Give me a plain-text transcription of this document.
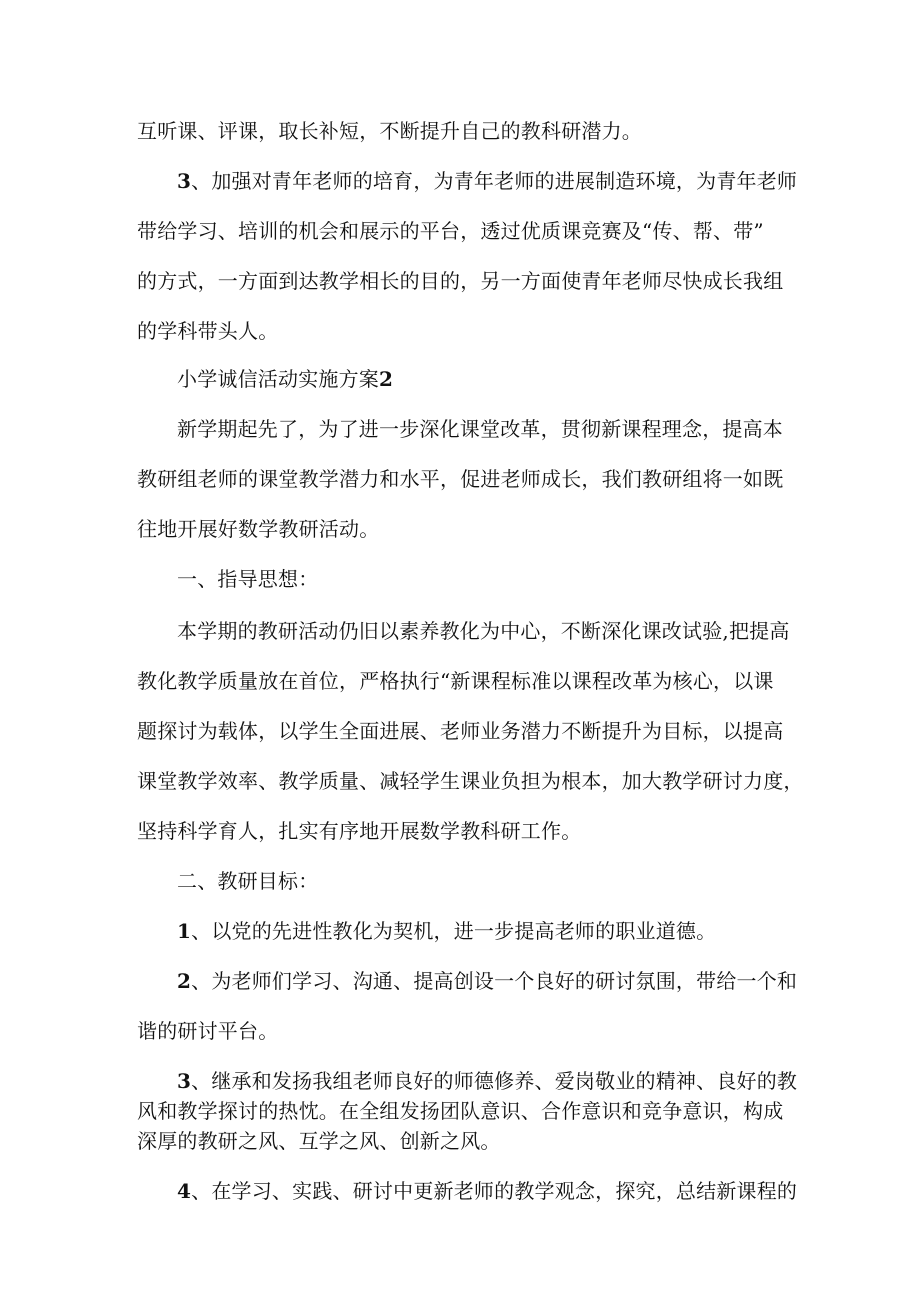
互听课、评课，取长补短，不断提升自己的教科研潜力。
3、加强对青年老师的培育，为青年老师的进展制造环境，为青年老师
带给学习、培训的机会和展示的平台，透过优质课竞赛及“传、帮、带”
的方式，一方面到达教学相长的目的，另一方面使青年老师尽快成长我组
的学科带头人。
小学诚信活动实施方案2
新学期起先了，为了进一步深化课堂改革，贯彻新课程理念，提高本
教研组老师的课堂教学潜力和水平，促进老师成长，我们教研组将一如既
往地开展好数学教研活动。
一、指导思想：
本学期的教研活动仍旧以素养教化为中心，不断深化课改试验,把提高
教化教学质量放在首位，严格执行“新课程标准以课程改革为核心，以课
题探讨为载体，以学生全面进展、老师业务潜力不断提升为目标，以提高
课堂教学效率、教学质量、减轻学生课业负担为根本，加大教学研讨力度，
坚持科学育人，扎实有序地开展数学教科研工作。
二、教研目标：
1、以党的先进性教化为契机，进一步提高老师的职业道德。
2、为老师们学习、沟通、提高创设一个良好的研讨氛围，带给一个和
谐的研讨平台。
3、继承和发扬我组老师良好的师德修养、爱岗敬业的精神、良好的教
风和教学探讨的热忱。在全组发扬团队意识、合作意识和竞争意识，构成
深厚的教研之风、互学之风、创新之风。
4、在学习、实践、研讨中更新老师的教学观念，探究，总结新课程的
